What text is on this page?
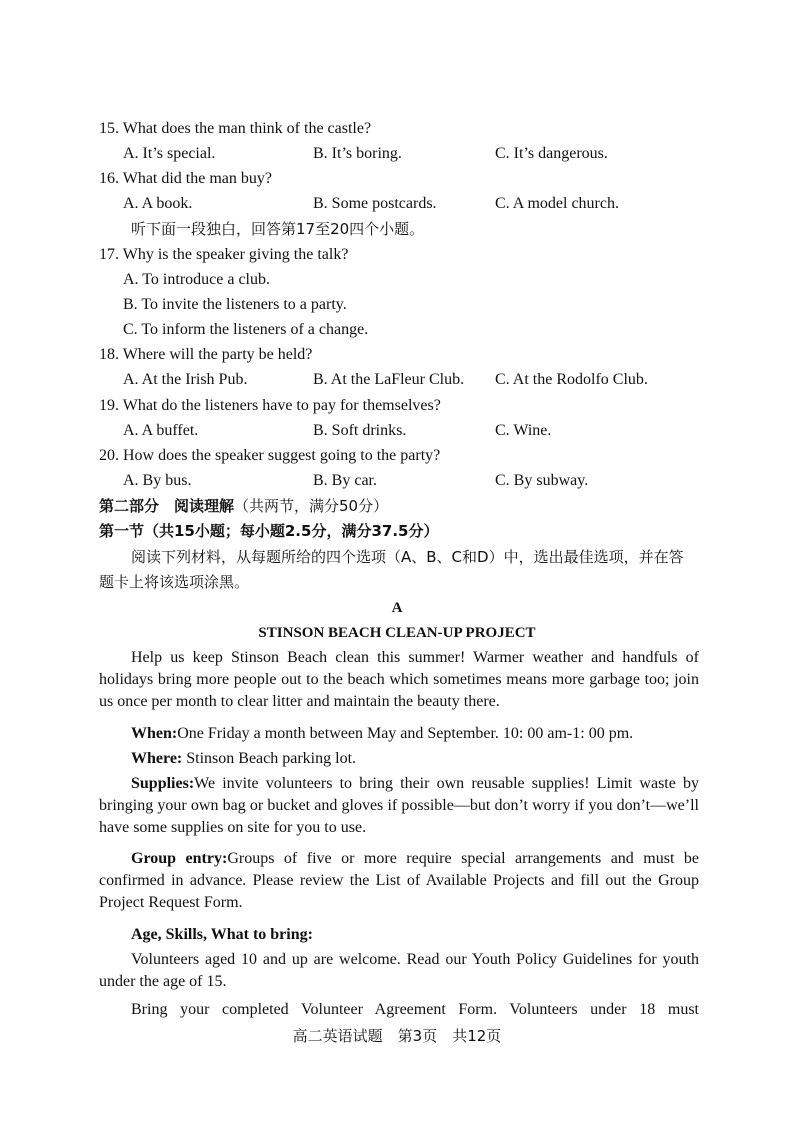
15. What does the man think of the castle?
A. It’s special.	B. It’s boring.	C. It’s dangerous.
16. What did the man buy?
A. A book.	B. Some postcards.	C. A model church.
听下面一段独白，回答第17至20四个小题。
17. Why is the speaker giving the talk?
A. To introduce a club.
B. To invite the listeners to a party.
C. To inform the listeners of a change.
18. Where will the party be held?
A. At the Irish Pub.	B. At the LaFleur Club. C. At the Rodolfo Club.
19. What do the listeners have to pay for themselves?
A. A buffet.	B. Soft drinks.	C. Wine.
20. How does the speaker suggest going to the party?
A. By bus.	B. By car.	C. By subway.
第二部分　阅读理解（共两节，满分50分）
第一节（共15小题；每小题2.5分，满分37.5分）
阅读下列材料，从每题所给的四个选项（A、B、C和D）中，选出最佳选项，并在答
题卡上将该选项涂黑。
A
STINSON BEACH CLEAN-UP PROJECT
Help us keep Stinson Beach clean this summer! Warmer weather and handfuls of holidays bring more people out to the beach which sometimes means more garbage too; join us once per month to clear litter and maintain the beauty there.
When:One Friday a month between May and September. 10: 00 am-1: 00 pm.
Where: Stinson Beach parking lot.
Supplies:We invite volunteers to bring their own reusable supplies! Limit waste by bringing your own bag or bucket and gloves if possible—but don’t worry if you don’t—we’ll have some supplies on site for you to use.
Group entry:Groups of five or more require special arrangements and must be confirmed in advance. Please review the List of Available Projects and fill out the Group Project Request Form.
Age, Skills, What to bring:
Volunteers aged 10 and up are welcome. Read our Youth Policy Guidelines for youth under the age of 15.
Bring your completed Volunteer Agreement Form. Volunteers under 18 must
高二英语试题　第3页　共12页
